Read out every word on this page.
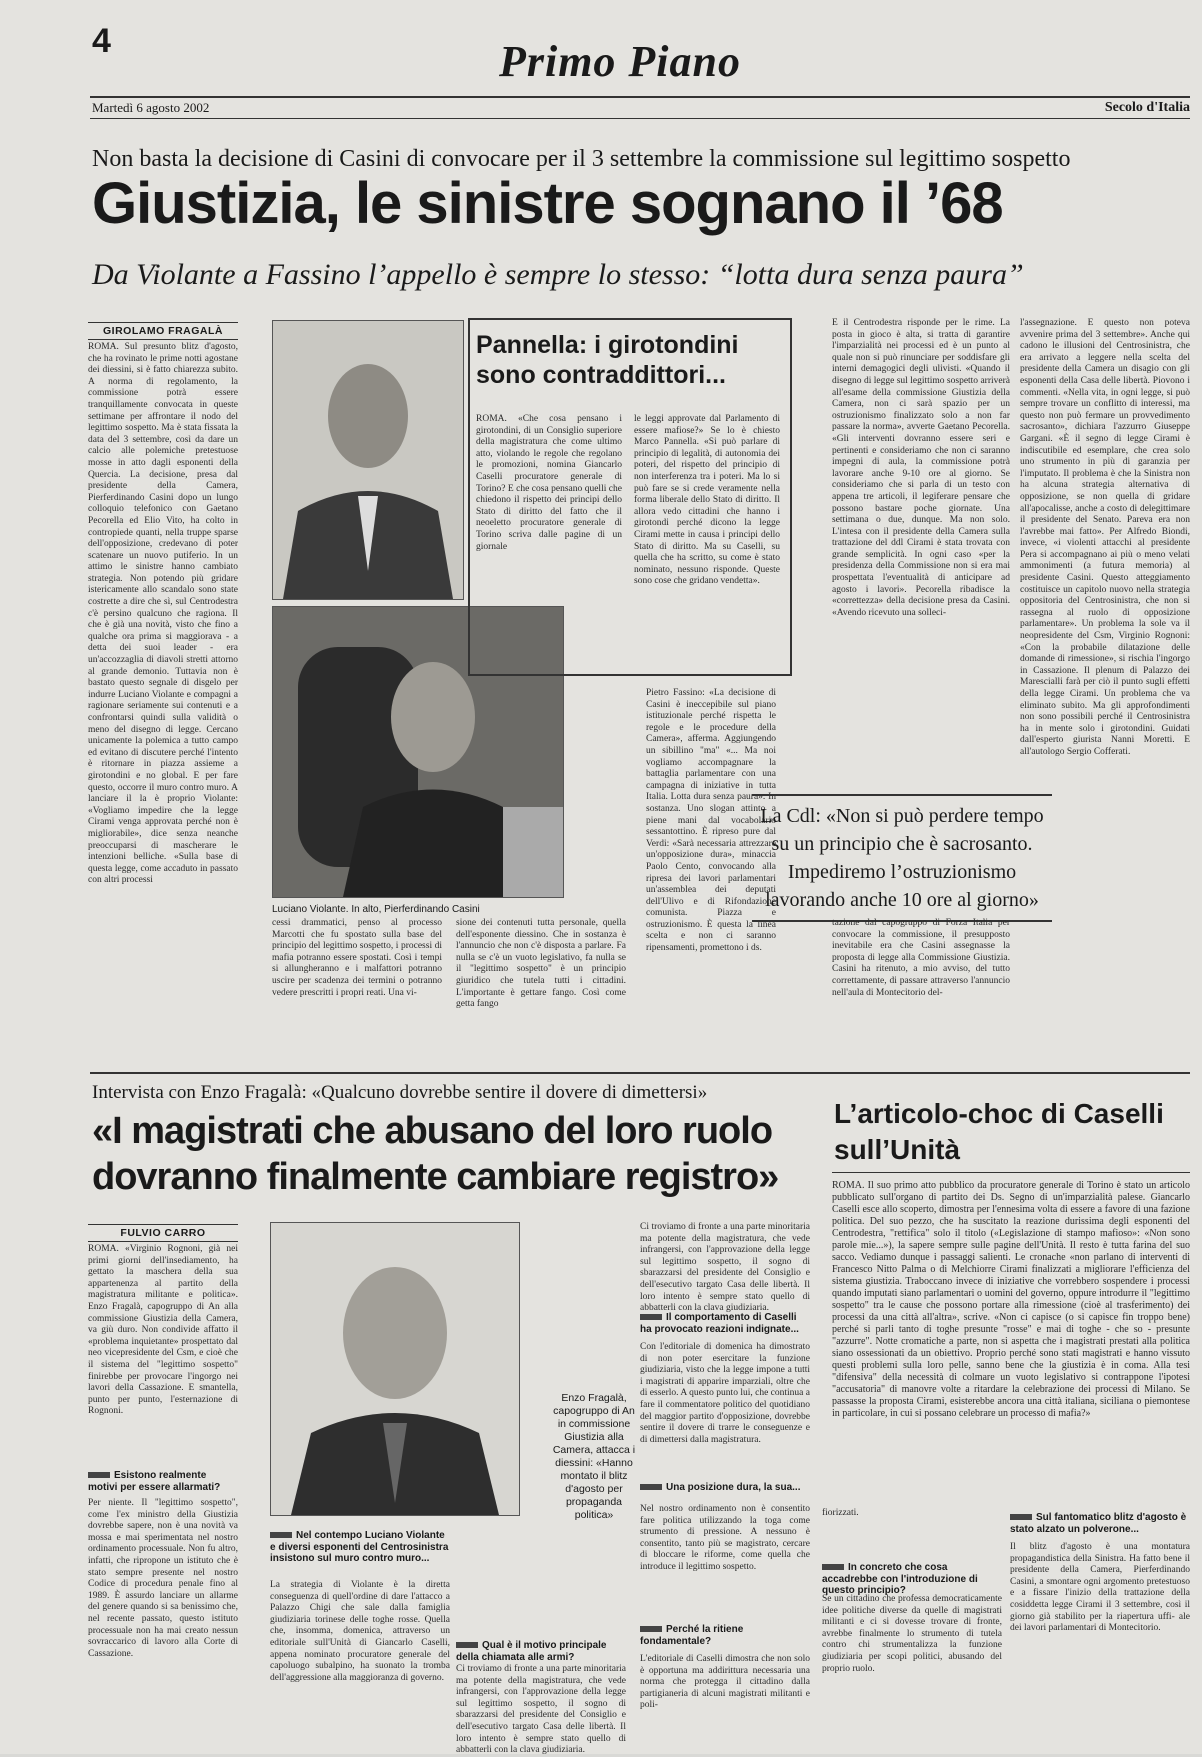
4	Primo Piano
Martedì 6 agosto 2002	Secolo d'Italia
Non basta la decisione di Casini di convocare per il 3 settembre la commissione sul legittimo sospetto
Giustizia, le sinistre sognano il ’68
Da Violante a Fassino l’appello è sempre lo stesso: “lotta dura senza paura”
GIROLAMO FRAGALÀ
ROMA. Sul presunto blitz d'agosto, che ha rovinato le prime notti agostane dei diessini, si è fatto chiarezza subito. A norma di regolamento, la commissione potrà essere tranquillamente convocata in queste settimane per affrontare il nodo del legittimo sospetto. Ma è stata fissata la data del 3 settembre, così da dare un calcio alle polemiche pretestuose mosse in atto dagli esponenti della Quercia. La decisione, presa dal presidente della Camera, Pierferdinando Casini dopo un lungo colloquio telefonico con Gaetano Pecorella ed Elio Vito, ha colto in contropiede quanti, nella truppe sparse dell'opposizione, credevano di poter scatenare un nuovo putiferio. In un attimo le sinistre hanno cambiato strategia. Non potendo più gridare istericamente allo scandalo sono state costrette a dire che sì, sul Centrodestra c'è persino qualcuno che ragiona. Il che è già una novità, visto che fino a qualche ora prima si maggiorava - a detta dei suoi leader - era un'accozzaglia di diavoli stretti attorno al grande demonio. Tuttavia non è bastato questo segnale di disgelo per indurre Luciano Violante e compagni a ragionare seriamente sui contenuti e a confrontarsi quindi sulla validità o meno del disegno di legge. Cercano unicamente la polemica a tutto campo ed evitano di discutere perché l'intento è ritornare in piazza assieme a girotondini e no global. E per fare questo, occorre il muro contro muro. A lanciare il la è proprio Violante: «Vogliamo impedire che la legge Cirami venga approvata perché non è migliorabile», dice senza neanche preoccuparsi di mascherare le intenzioni belliche. «Sulla base di questa legge, come accaduto in passato con altri processi
Luciano Violante. In alto, Pierferdinando Casini
Pannella: i girotondini sono contraddittori...
ROMA. «Che cosa pensano i girotondini, di un Consiglio superiore della magistratura che come ultimo atto, violando le regole che regolano le promozioni, nomina Giancarlo Caselli procuratore generale di Torino? E che cosa pensano quelli che chiedono il rispetto dei principi dello Stato di diritto del fatto che il neoeletto procuratore generale di Torino scriva dalle pagine di un giornale
le leggi approvate dal Parlamento di essere mafiose?» Se lo è chiesto Marco Pannella. «Si può parlare di principio di legalità, di autonomia dei poteri, del rispetto del principio di non interferenza tra i poteri. Ma lo si può fare se si crede veramente nella forma liberale dello Stato di diritto. Il allora vedo cittadini che hanno i girotondi perché dicono la legge Cirami mette in causa i principi dello Stato di diritto. Ma su Caselli, su quella che ha scritto, su come è stato nominato, nessuno risponde. Queste sono cose che gridano vendetta».
Pietro Fassino: «La decisione di Casini è ineccepibile sul piano istituzionale perché rispetta le regole e le procedure della Camera», afferma. Aggiungendo un sibillino "ma" «... Ma noi vogliamo accompagnare la battaglia parlamentare con una campagna di iniziative in tutta Italia. Lotta dura senza paura». In sostanza. Uno slogan attinto a piene mani dal vocabolario sessantottino. È ripreso pure dal Verdi: «Sarà necessaria attrezzare un'opposizione dura», minaccia Paolo Cento, convocando alla ripresa dei lavori parlamentari un'assemblea dei deputati dell'Ulivo e di Rifondazione comunista. Piazza e ostruzionismo. È questa la linea scelta e non ci saranno ripensamenti, promettono i ds.
E il Centrodestra risponde per le rime. La posta in gioco è alta, si tratta di garantire l'imparzialità nei processi ed è un punto al quale non si può rinunciare per soddisfare gli interni demagogici degli ulivisti. «Quando il disegno di legge sul legittimo sospetto arriverà all'esame della commissione Giustizia della Camera, non ci sarà spazio per un ostruzionismo finalizzato solo a non far passare la norma», avverte Gaetano Pecorella. «Gli interventi dovranno essere seri e pertinenti e consideriamo che non ci saranno impegni di aula, la commissione potrà lavorare anche 9-10 ore al giorno. Se consideriamo che si parla di un testo con appena tre articoli, il legiferare pensare che possono bastare poche giornate. Una settimana o due, dunque. Ma non solo. L'intesa con il presidente della Camera sulla trattazione del ddl Cirami è stata trovata con grande semplicità. In ogni caso «per la presidenza della Commissione non si era mai prospettata l'eventualità di anticipare ad agosto i lavori». Pecorella ribadisce la «correttezza» della decisione presa da Casini. «Avendo ricevuto una solleci-
l'assegnazione. E questo non poteva avvenire prima del 3 settembre». Anche qui cadono le illusioni del Centrosinistra, che era arrivato a leggere nella scelta del presidente della Camera un disagio con gli esponenti della Casa delle libertà. Piovono i commenti. «Nella vita, in ogni legge, si può sempre trovare un conflitto di interessi, ma questo non può fermare un provvedimento sacrosanto», dichiara l'azzurro Giuseppe Gargani. «È il segno di legge Cirami è indiscutibile ed esemplare, che crea solo uno strumento in più di garanzia per l'imputato. Il problema è che la Sinistra non ha alcuna strategia alternativa di opposizione, se non quella di gridare all'apocalisse, anche a costo di delegittimare il presidente del Senato. Pareva era non l'avrebbe mai fatto». Per Alfredo Biondi, invece, «i violenti attacchi al presidente Pera si accompagnano ai più o meno velati ammonimenti (a futura memoria) al presidente Casini. Questo atteggiamento costituisce un capitolo nuovo nella strategia oppositoria del Centrosinistra, che non si rassegna al ruolo di opposizione parlamentare». Un problema la sole va il neopresidente del Csm, Virginio Rognoni: «Con la probabile dilatazione delle domande di rimessione», si rischia l'ingorgo in Cassazione. Il plenum di Palazzo dei Marescialli farà per ciò il punto sugli effetti della legge Cirami. Un problema che va eliminato subito. Ma gli approfondimenti non sono possibili perché il Centrosinistra ha in mente solo i girotondini. Guidati dall'esperto giurista Nanni Moretti. E all'autologo Sergio Cofferati.
La Cdl: «Non si può perdere tempo su un principio che è sacrosanto. Impediremo l’ostruzionismo lavorando anche 10 ore al giorno»
cessi drammatici, penso al processo Marcotti che fu spostato sulla base del principio del legittimo sospetto, i processi di mafia potranno essere spostati. Così i tempi si allungheranno e i malfattori potranno uscire per scadenza dei termini o potranno vedere prescritti i propri reati. Una vi-
sione dei contenuti tutta personale, quella dell'esponente diessino. Che in sostanza è l'annuncio che non c'è disposta a parlare. Fa nulla se c'è un vuoto legislativo, fa nulla se il "legittimo sospetto" è un principio giuridico che tutela tutti i cittadini. L'importante è gettare fango. Così come getta fango
tazione dal capogruppo di Forza Italia per convocare la commissione, il presupposto inevitabile era che Casini assegnasse la proposta di legge alla Commissione Giustizia. Casini ha ritenuto, a mio avviso, del tutto correttamente, di passare attraverso l'annuncio nell'aula di Montecitorio del-
Intervista con Enzo Fragalà: «Qualcuno dovrebbe sentire il dovere di dimettersi»
«I magistrati che abusano del loro ruolo dovranno finalmente cambiare registro»
FULVIO CARRO
ROMA. «Virginio Rognoni, già nei primi giorni dell'insediamento, ha gettato la maschera della sua appartenenza al partito della magistratura militante e politica». Enzo Fragalà, capogruppo di An alla commissione Giustizia della Camera, va giù duro. Non condivide affatto il «problema inquietante» prospettato dal neo vicepresidente del Csm, e cioè che il sistema del "legittimo sospetto" finirebbe per provocare l'ingorgo nei lavori della Cassazione. E smantella, punto per punto, l'esternazione di Rognoni.
Esistono realmente motivi per essere allarmati?
Per niente. Il "legittimo sospetto", come l'ex ministro della Giustizia dovrebbe sapere, non è una novità va mossa e mai sperimentata nel nostro ordinamento processuale. Non fu altro, infatti, che ripropone un istituto che è stato sempre presente nel nostro Codice di procedura penale fino al 1989. È assurdo lanciare un allarme del genere quando si sa benissimo che, nel recente passato, questo istituto processuale non ha mai creato nessun sovraccarico di lavoro alla Corte di Cassazione.
Enzo Fragalà, capogruppo di An in commissione Giustizia alla Camera, attacca i diessini: «Hanno montato il blitz d'agosto per propaganda politica»
Nel contempo Luciano Violante e diversi esponenti del Centrosinistra insistono sul muro contro muro...
La strategia di Violante è la diretta conseguenza di quell'ordine di dare l'attacco a Palazzo Chigi che sale dalla famiglia giudiziaria torinese delle toghe rosse. Quella che, insomma, domenica, attraverso un editoriale sull'Unità di Giancarlo Caselli, appena nominato procuratore generale del capoluogo subalpino, ha suonato la tromba dell'aggressione alla maggioranza di governo.
Qual è il motivo principale della chiamata alle armi?
Ci troviamo di fronte a una parte minoritaria ma potente della magistratura, che vede infrangersi, con l'approvazione della legge sul legittimo sospetto, il sogno di sbarazzarsi del presidente del Consiglio e dell'esecutivo targato Casa delle libertà. Il loro intento è sempre stato quello di abbatterli con la clava giudiziaria.
Ci troviamo di fronte a una parte minoritaria ma potente della magistratura, che vede infrangersi, con l'approvazione della legge sul legittimo sospetto, il sogno di sbarazzarsi del presidente del Consiglio e dell'esecutivo targato Casa delle libertà. Il loro intento è sempre stato quello di abbatterli con la clava giudiziaria.
Il comportamento di Caselli ha provocato reazioni indignate...
Con l'editoriale di domenica ha dimostrato di non poter esercitare la funzione giudiziaria, visto che la legge impone a tutti i magistrati di apparire imparziali, oltre che di esserlo. A questo punto lui, che continua a fare il commentatore politico del quotidiano del maggior partito d'opposizione, dovrebbe sentire il dovere di trarre le conseguenze e di dimettersi dalla magistratura.
Una posizione dura, la sua...
Nel nostro ordinamento non è consentito fare politica utilizzando la toga come strumento di pressione. A nessuno è consentito, tanto più se magistrato, cercare di bloccare le riforme, come quella che introduce il legittimo sospetto.
Perché la ritiene fondamentale?
L'editoriale di Caselli dimostra che non solo è opportuna ma addirittura necessaria una norma che protegga il cittadino dalla partigianeria di alcuni magistrati militanti e poli-
L’articolo-choc di Caselli sull’Unità
ROMA. Il suo primo atto pubblico da procuratore generale di Torino è stato un articolo pubblicato sull'organo di partito dei Ds. Segno di un'imparzialità palese. Giancarlo Caselli esce allo scoperto, dimostra per l'ennesima volta di essere a favore di una fazione politica. Del suo pezzo, che ha suscitato la reazione durissima degli esponenti del Centrodestra, "rettifica" solo il titolo («Legislazione di stampo mafioso»: «Non sono parole mie...»), la sapere sempre sulle pagine dell'Unità. Il resto è tutta farina del suo sacco. Vediamo dunque i passaggi salienti. Le cronache «non parlano di interventi di Francesco Nitto Palma o di Melchiorre Cirami finalizzati a migliorare l'efficienza del sistema giustizia. Traboccano invece di iniziative che vorrebbero sospendere i processi quando imputati siano parlamentari o uomini del governo, oppure introdurre il "legittimo sospetto" tra le cause che possono portare alla rimessione (cioè al trasferimento) dei processi da una città all'altra», scrive. «Non ci capisce (o si capisce fin troppo bene) perché si parli tanto di toghe presunte "rosse" e mai di toghe - che so - presunte "azzurre". Notte cromatiche a parte, non si aspetta che i magistrati prestati alla politica siano ossessionati da un obiettivo. Proprio perché sono stati magistrati e hanno vissuto questi problemi sulla loro pelle, sanno bene che la giustizia è in coma. Alla tesi "difensiva" della necessità di colmare un vuoto legislativo si contrappone l'ipotesi "accusatoria" di manovre volte a ritardare la celebrazione dei processi di Milano. Se passasse la proposta Cirami, esisterebbe ancora una città italiana, siciliana o piemontese in particolare, in cui si possano celebrare un processo di mafia?»
fiorizzati.
In concreto che cosa accadrebbe con l'introduzione di questo principio?
Se un cittadino che professa democraticamente idee politiche diverse da quelle di magistrati militanti e ci si dovesse trovare di fronte, avrebbe finalmente lo strumento di tutela contro chi strumentalizza la funzione giudiziaria per scopi politici, abusando del proprio ruolo.
Sul fantomatico blitz d'agosto è stato alzato un polverone...
Il blitz d'agosto è una montatura propagandistica della Sinistra. Ha fatto bene il presidente della Camera, Pierferdinando Casini, a smontare ogni argomento pretestuoso e a fissare l'inizio della trattazione della cosiddetta legge Cirami il 3 settembre, così il giorno già stabilito per la riapertura uffi- ale dei lavori parlamentari di Montecitorio.
